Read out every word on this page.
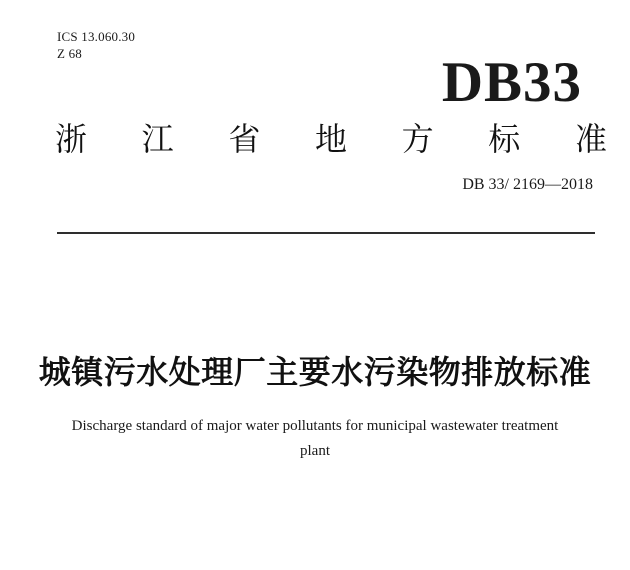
ICS 13.060.30
Z 68	DB33
浙 江 省 地 方 标 准
DB 33/ 2169—2018
城镇污水处理厂主要水污染物排放标准
Discharge standard of major water pollutants for municipal wastewater treatment plant
